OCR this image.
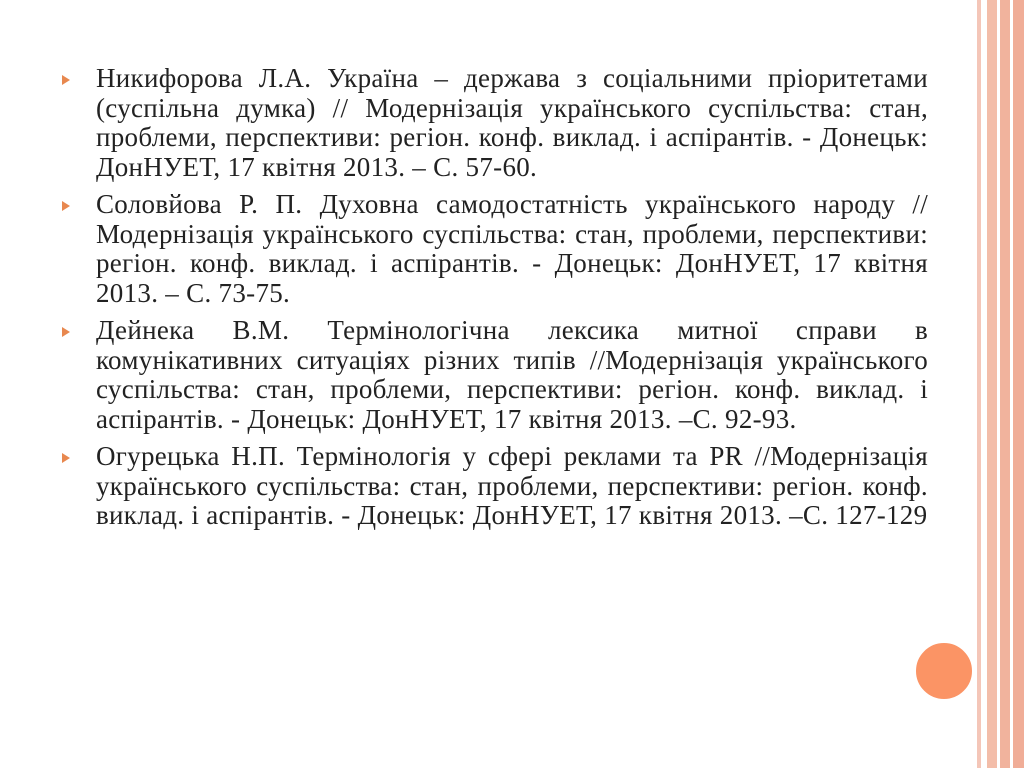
Никифорова Л.А. Україна – держава з соціальними пріоритетами (суспільна думка) // Модернізація українського суспільства: стан, проблеми, перспективи: регіон. конф. виклад. і аспірантів. - Донецьк: ДонНУЕТ, 17 квітня 2013. – С. 57-60.
Соловйова Р. П. Духовна самодостатність українського народу //Модернізація українського суспільства: стан, проблеми, перспективи: регіон. конф. виклад. і аспірантів. - Донецьк: ДонНУЕТ, 17 квітня 2013. – С. 73-75.
Дейнека В.М. Термінологічна лексика митної справи в комунікативних ситуаціях різних типів //Модернізація українського суспільства: стан, проблеми, перспективи: регіон. конф. виклад. і аспірантів. - Донецьк: ДонНУЕТ, 17 квітня 2013. –С. 92-93.
Огурецька Н.П. Термінологія у сфері реклами та PR //Модернізація українського суспільства: стан, проблеми, перспективи: регіон. конф. виклад. і аспірантів. - Донецьк: ДонНУЕТ, 17 квітня 2013. –С. 127-129
